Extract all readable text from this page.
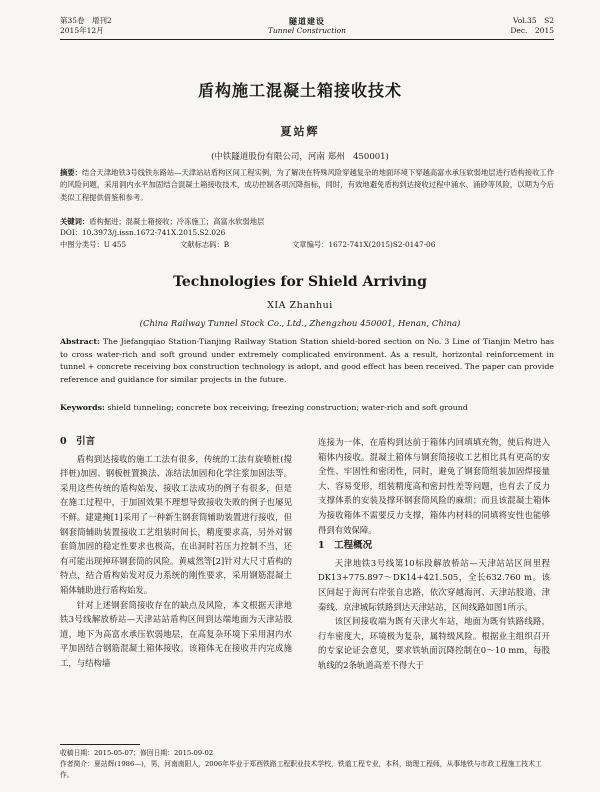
第35卷　增刊2
2015年12月
隧道建设
Tunnel Construction
Vol.35　S2
Dec.　2015
盾构施工混凝土箱接收技术
夏站辉
(中铁隧道股份有限公司，河南 郑州　450001)
摘要：结合天津地铁3号线铁东路站—天津站站盾构区间工程实例，为了解决在特殊风险穿越复杂的地面环境下穿越高富水承压软弱地层进行盾构接收工作的风险问题，采用洞内水平加固结合混凝土箱接收技术，成功控制各项沉降指标，同时，有效地避免盾构到达接收过程中涌水、涌砂等风险，以期为今后类似工程提供借鉴和参考。
关键词：盾构掘进；混凝土箱接收；冷冻施工；高富水软弱地层
DOI：10.3973/j.issn.1672-741X.2015.S2.026
中图分类号：U 455	文献标志码：B	文章编号：1672-741X(2015)S2-0147-06
Technologies for Shield Arriving
XIA Zhanhui
(China Railway Tunnel Stock Co., Ltd., Zhengzhou 450001, Henan, China)
Abstract: The Jiefangqiao Station-Tianjing Railway Station Station shield-bored section on No. 3 Line of Tianjin Metro has to cross water-rich and soft ground under extremely complicated environment. As a result, horizontal reinforcement in tunnel + concrete receiving box construction technology is adopt, and good effect has been received. The paper can provide reference and guidance for similar projects in the future.
Keywords: shield tunneling; concrete box receiving; freezing construction; water-rich and soft ground
0　引言

盾构到达接收的施工工法有很多，传统的工法有旋喷桩(搅拌桩)加固、钢板桩置换法、冻结法加固和化学注浆加固法等。采用这些传统的盾构始发、接收工法成功的例子有很多，但是在施工过程中，于加固效果不理想导致接收失败的例子也屡见不鲜。建建掩[1]采用了一种新生钢套筒辅助装置进行接收，但钢套筒辅助装置接收工艺组装时间长，精度要求高，另外对钢套筒加固的稳定性要求也极高，在出洞时若压力控制不当，还有可能出现掉环钢套筒的风险。黄威然等[2]针对大尺寸盾构的特点，结合盾构始发对反力系统的刚性要求，采用钢筋混凝土箱体辅助进行盾构始发。

针对上述钢套筒接收存在的缺点及风险，本文根据天津地铁3号线解放桥站—天津站站盾构区间到达端地面为天津站股道，地下为高富水承压软弱地层，在高复杂环境下采用洞内水平加固结合钢筋混凝土箱体接收。该箱体无在接收井内完成施工，与结构墙

连接为一体，在盾构到达前于箱体内回填填充物，使后构进入箱体内接收。混凝土箱体与钢套筒接收工艺相比具有更高的安全性、牢固性和密闭性，同时，避免了钢套筒组装加固焊接量大、容易变形，组装精度高和密封性差等问题，也有去了反力支撑体系的安装及撑环钢套筒风险的麻烦；而且该混凝土箱体为接收箱体不需要反力支撑，箱体内材料的同填将安性也能够得到有效保障。

1　工程概况

天津地铁3号线第10标段解放桥站—天津站站区间里程DK13+775.897～DK14+421.505，全长632.760 m。该区间起于海河右岸张自忠路，依次穿越海河、天津站股道、津秦线、京津城际铁路到达天津站站，区间线路如图1所示。

该区间接收端为既有天津火车站，地面为既有铁路线路，行车密度大，环境极为复杂，属特级风险。根据业主组织召开的专家论证会意见，要求铁轨面沉降控制在0～10 mm，每股轨线的2条轨道高差不得大于

收稿日期：2015-05-07；修回日期：2015-09-02
作者简介：夏站辉(1986—)，男，河南南阳人，2006年毕业于郑西铁路工程职业技术学校，铁道工程专业，本科，助理工程师，从事地铁与市政工程施工技术工作。
